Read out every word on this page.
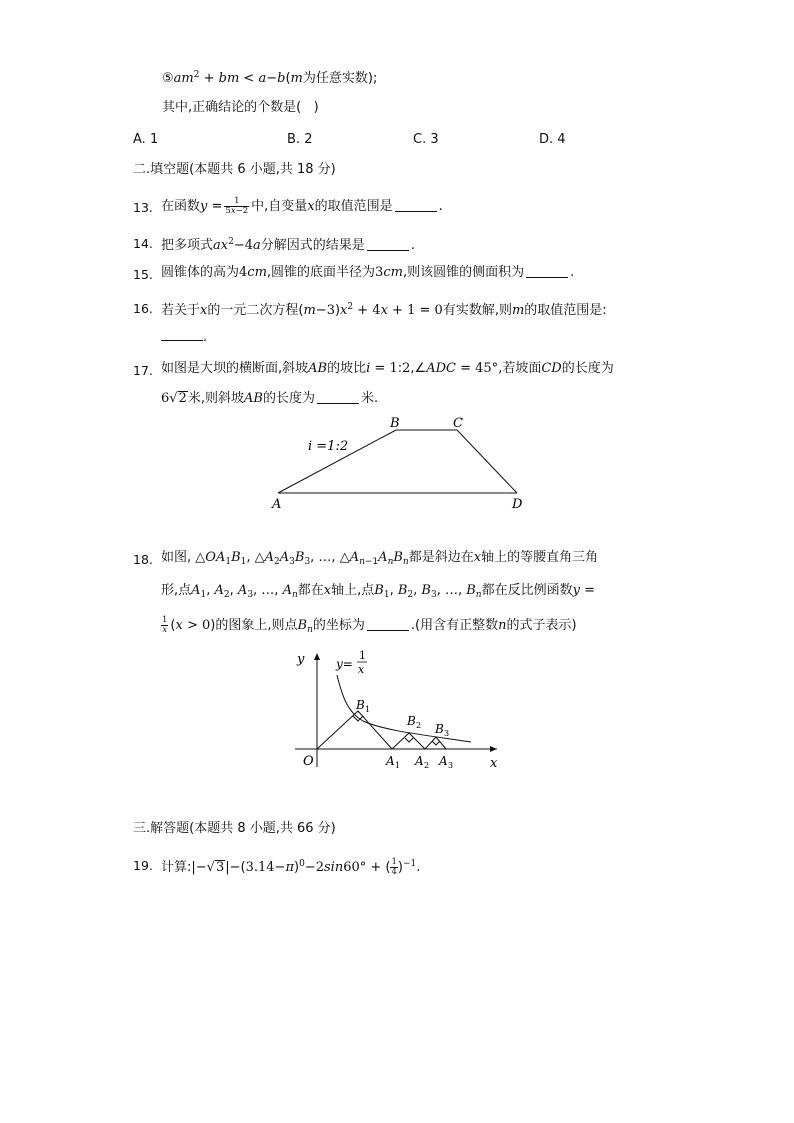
$⑤am^2$ + bm < a−b(m为任意实数);
其中,正确结论的个数是( )
A. 1	B. 2	C. 3	D. 4
二.填空题(本题共 6 小题,共 18 分)
13. 在函数$y = \frac{1}{5x-2}$ 中,自变量x的取值范围是	.
14. 把多项式$ax^2-4a$分解因式的结果是	.
15. 圆锥体的高为4cm,圆锥的底面半径为3cm,则该圆锥的侧面积为	.
16. 若关于x的一元二次方程$(m-3)x^2 + 4x + 1 = 0$有实数解,则m的取值范围是:
.
17. 如图是大坝的横断面,斜坡AB的坡比i = 1:2,∠ADC = 45°,若坡面CD的长度为
6√2米,则斜坡AB的长度为	米.
i =1:2
A
B	C
D
18. 如图, $\triangle OA_1B_1$, $\triangle A_2A_3B_3$, …, $\triangle A_{n-1}A_nB_n$都是斜边在x轴上的等腰直角三角
形,点$A_1$, $A_2$, $A_3$, …, $A_n$都在x轴上,点$B_1$, $B_2$, $B_3$, …, $B_n$都在反比例函数y =
$\frac{1}{x} (x > 0)$的图象上,则点$B_n$的坐标为	.(用含有正整数n的式子表示)
y
x
O
y=
1
x
B 1
B 2 B 3
A 1 A 2 A 3
三.解答题(本题共 8 小题,共 66 分)
19. 计算$:|-√3|-(3.14-\pi)^0-2\sin 60^\circ$ + ( $\frac{1}{4} )^{-1}$.
